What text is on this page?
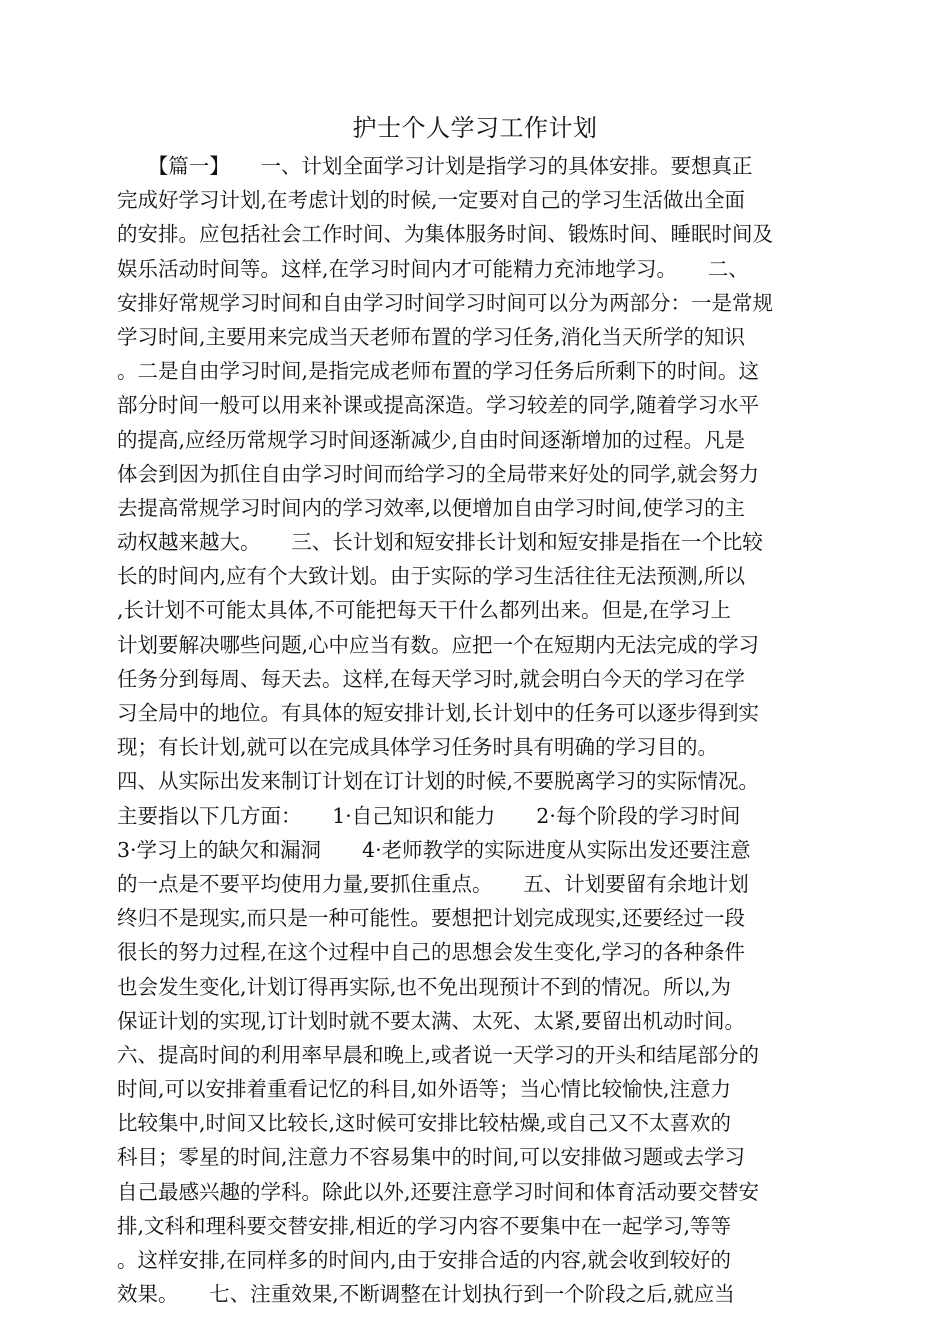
护士个人学习工作计划
　　【篇一】　　一、计划全面学习计划是指学习的具体安排。要想真正
完成好学习计划,在考虑计划的时候,一定要对自己的学习生活做出全面
的安排。应包括社会工作时间、为集体服务时间、锻炼时间、睡眠时间及
娱乐活动时间等。这样,在学习时间内才可能精力充沛地学习。　　二、
安排好常规学习时间和自由学习时间学习时间可以分为两部分：一是常规
学习时间,主要用来完成当天老师布置的学习任务,消化当天所学的知识
。二是自由学习时间,是指完成老师布置的学习任务后所剩下的时间。这
部分时间一般可以用来补课或提高深造。学习较差的同学,随着学习水平
的提高,应经历常规学习时间逐渐减少,自由时间逐渐增加的过程。凡是
体会到因为抓住自由学习时间而给学习的全局带来好处的同学,就会努力
去提高常规学习时间内的学习效率,以便增加自由学习时间,使学习的主
动权越来越大。　　三、长计划和短安排长计划和短安排是指在一个比较
长的时间内,应有个大致计划。由于实际的学习生活往往无法预测,所以
,长计划不可能太具体,不可能把每天干什么都列出来。但是,在学习上
计划要解决哪些问题,心中应当有数。应把一个在短期内无法完成的学习
任务分到每周、每天去。这样,在每天学习时,就会明白今天的学习在学
习全局中的地位。有具体的短安排计划,长计划中的任务可以逐步得到实
现；有长计划,就可以在完成具体学习任务时具有明确的学习目的。
四、从实际出发来制订计划在订计划的时候,不要脱离学习的实际情况。
主要指以下几方面：　　1·自己知识和能力　　2·每个阶段的学习时间
3·学习上的缺欠和漏洞　　4·老师教学的实际进度从实际出发还要注意
的一点是不要平均使用力量,要抓住重点。　　五、计划要留有余地计划
终归不是现实,而只是一种可能性。要想把计划完成现实,还要经过一段
很长的努力过程,在这个过程中自己的思想会发生变化,学习的各种条件
也会发生变化,计划订得再实际,也不免出现预计不到的情况。所以,为
保证计划的实现,订计划时就不要太满、太死、太紧,要留出机动时间。
六、提高时间的利用率早晨和晚上,或者说一天学习的开头和结尾部分的
时间,可以安排着重看记忆的科目,如外语等；当心情比较愉快,注意力
比较集中,时间又比较长,这时候可安排比较枯燥,或自己又不太喜欢的
科目；零星的时间,注意力不容易集中的时间,可以安排做习题或去学习
自己最感兴趣的学科。除此以外,还要注意学习时间和体育活动要交替安
排,文科和理科要交替安排,相近的学习内容不要集中在一起学习,等等
。这样安排,在同样多的时间内,由于安排合适的内容,就会收到较好的
效果。　　七、注重效果,不断调整在计划执行到一个阶段之后,就应当
